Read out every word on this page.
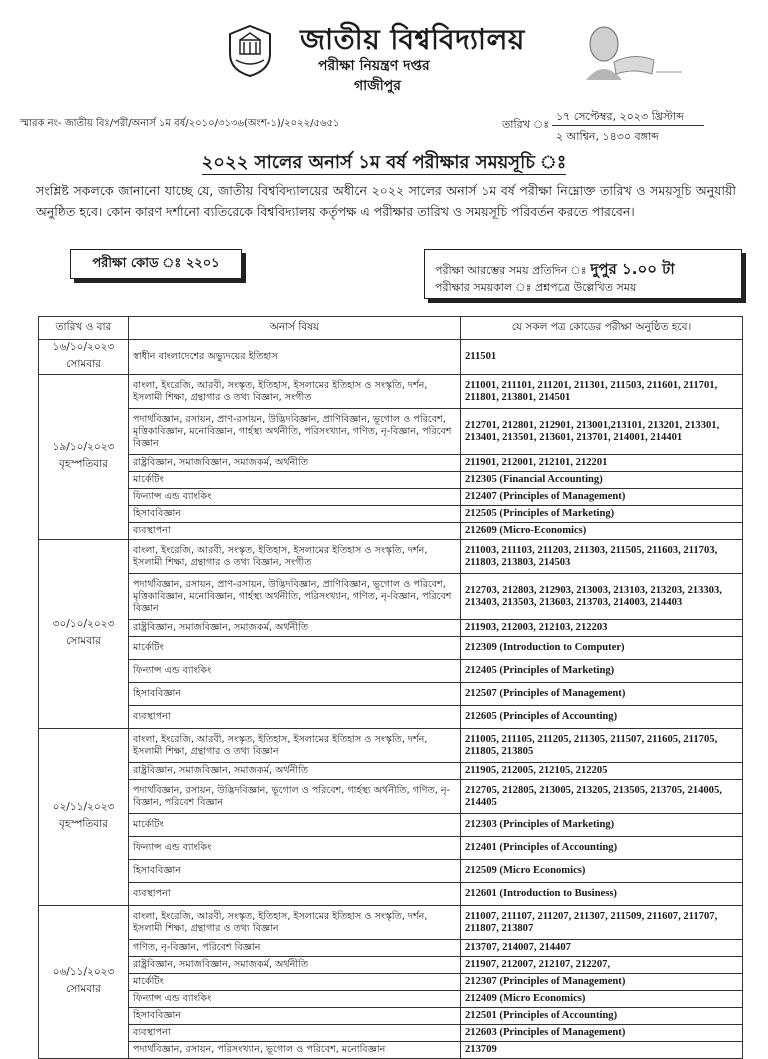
জাতীয় বিশ্ববিদ্যালয়
পরীক্ষা নিয়ন্ত্রণ দপ্তর
গাজীপুর
স্মারক নং- জাতীয় বিঃ/পরী/অনার্স ১ম বর্ষ/২০১০/৩১৩৬(অংশ-১)/২০২২/৫৬৫১	তারিখ ঃ
১৭ সেপ্টেম্বর, ২০২৩ খ্রিস্টাব্দ
২ আশ্বিন, ১৪৩০ বঙ্গাব্দ
২০২২ সালের অনার্স ১ম বর্ষ পরীক্ষার সময়সূচি ঃ
সংশ্লিষ্ট সকলকে জানানো যাচ্ছে যে, জাতীয় বিশ্ববিদ্যালয়ের অধীনে ২০২২ সালের অনার্স ১ম বর্ষ পরীক্ষা নিম্নোক্ত তারিখ ও সময়সূচি অনুযায়ী অনুষ্ঠিত হবে। কোন কারণ দর্শানো ব্যতিরেকে বিশ্ববিদ্যালয় কর্তৃপক্ষ এ পরীক্ষার তারিখ ও সময়সূচি পরিবর্তন করতে পারবেন।
পরীক্ষা কোড ঃ ২২০১	পরীক্ষা আরম্ভের সময় প্রতিদিন ঃ দুপুর ১.০০ টা
পরীক্ষার সময়কাল ঃ প্রশ্নপত্রে উল্লেখিত সময়
তারিখ ও বার	অনার্স বিষয়	যে সকল পত্র কোডের পরীক্ষা অনুষ্ঠিত হবে।

১৬/১০/২০২৩
সোমবার	স্বাধীন বাংলাদেশের অভ্যুদয়ের ইতিহাস	211501

১৯/১০/২০২৩
বৃহস্পতিবার	বাংলা, ইংরেজি, আরবী, সংস্কৃত, ইতিহাস, ইসলামের ইতিহাস ও সংস্কৃতি, দর্শন, ইসলামী শিক্ষা, গ্রন্থাগার ও তথ্য বিজ্ঞান, সংগীত	211001, 211101, 211201, 211301, 211503, 211601, 211701, 211801, 213801, 214501
	পদার্থবিজ্ঞান, রসায়ন, প্রাণ-রসায়ন, উদ্ভিদবিজ্ঞান, প্রাণিবিজ্ঞান, ভূগোল ও পরিবেশ, মৃত্তিকাবিজ্ঞান, মনোবিজ্ঞান, গার্হস্থ্য অর্থনীতি, পরিসংখ্যান, গণিত, নৃ-বিজ্ঞান, পরিবেশ বিজ্ঞান	212701, 212801, 212901, 213001,213101, 213201, 213301, 213401, 213501, 213601, 213701, 214001, 214401
	রাষ্ট্রবিজ্ঞান, সমাজবিজ্ঞান, সমাজকর্ম, অর্থনীতি	211901, 212001, 212101, 212201
	মার্কেটিং	212305 (Financial Accounting)
	ফিন্যান্স এন্ড ব্যাংকিং	212407 (Principles of Management)
	হিসাববিজ্ঞান	212505 (Principles of Marketing)
	ব্যবস্থাপনা	212609 (Micro-Economics)

৩০/১০/২০২৩
সোমবার	বাংলা, ইংরেজি, আরবী, সংস্কৃত, ইতিহাস, ইসলামের ইতিহাস ও সংস্কৃতি, দর্শন, ইসলামী শিক্ষা, গ্রন্থাগার ও তথ্য বিজ্ঞান, সংগীত	211003, 211103, 211203, 211303, 211505, 211603, 211703, 211803, 213803, 214503
	পদার্থবিজ্ঞান, রসায়ন, প্রাণ-রসায়ন, উদ্ভিদবিজ্ঞান, প্রাণিবিজ্ঞান, ভূগোল ও পরিবেশ, মৃত্তিকাবিজ্ঞান, মনোবিজ্ঞান, গার্হস্থ্য অর্থনীতি, পরিসংখ্যান, গণিত, নৃ-বিজ্ঞান, পরিবেশ বিজ্ঞান	212703, 212803, 212903, 213003, 213103, 213203, 213303, 213403, 213503, 213603, 213703, 214003, 214403
	রাষ্ট্রবিজ্ঞান, সমাজবিজ্ঞান, সমাজকর্ম, অর্থনীতি	211903, 212003, 212103, 212203
	মার্কেটিং	212309 (Introduction to Computer)
	ফিন্যান্স এন্ড ব্যাংকিং	212405 (Principles of Marketing)
	হিসাববিজ্ঞান	212507 (Principles of Management)
	ব্যবস্থাপনা	212605 (Principles of Accounting)

০২/১১/২০২৩
বৃহস্পতিবার	বাংলা, ইংরেজি, আরবী, সংস্কৃত, ইতিহাস, ইসলামের ইতিহাস ও সংস্কৃতি, দর্শন, ইসলামী শিক্ষা, গ্রন্থাগার ও তথ্য বিজ্ঞান	211005, 211105, 211205, 211305, 211507, 211605, 211705, 211805, 213805
	রাষ্ট্রবিজ্ঞান, সমাজবিজ্ঞান, সমাজকর্ম, অর্থনীতি	211905, 212005, 212105, 212205
	পদার্থবিজ্ঞান, রসায়ন, উদ্ভিদবিজ্ঞান, ভূগোল ও পরিবেশ, গার্হস্থ্য অর্থনীতি, গণিত, নৃ-বিজ্ঞান, পরিবেশ বিজ্ঞান	212705, 212805, 213005, 213205, 213505, 213705, 214005, 214405
	মার্কেটিং	212303 (Principles of Marketing)
	ফিন্যান্স এন্ড ব্যাংকিং	212401 (Principles of Accounting)
	হিসাববিজ্ঞান	212509 (Micro Economics)
	ব্যবস্থাপনা	212601 (Introduction to Business)

০৬/১১/২০২৩
সোমবার	বাংলা, ইংরেজি, আরবী, সংস্কৃত, ইতিহাস, ইসলামের ইতিহাস ও সংস্কৃতি, দর্শন, ইসলামী শিক্ষা, গ্রন্থাগার ও তথ্য বিজ্ঞান	211007, 211107, 211207, 211307, 211509, 211607, 211707, 211807, 213807
	গণিত, নৃ-বিজ্ঞান, পরিবেশ বিজ্ঞান	213707, 214007, 214407
	রাষ্ট্রবিজ্ঞান, সমাজবিজ্ঞান, সমাজকর্ম, অর্থনীতি	211907, 212007, 212107, 212207,
	মার্কেটিং	212307 (Principles of Management)
	ফিন্যান্স এন্ড ব্যাংকিং	212409 (Micro Economics)
	হিসাববিজ্ঞান	212501 (Principles of Accounting)
	ব্যবস্থাপনা	212603 (Principles of Management)
	পদার্থবিজ্ঞান, রসায়ন, পরিসংখ্যান, ভূগোল ও পরিবেশ, মনোবিজ্ঞান	213709
